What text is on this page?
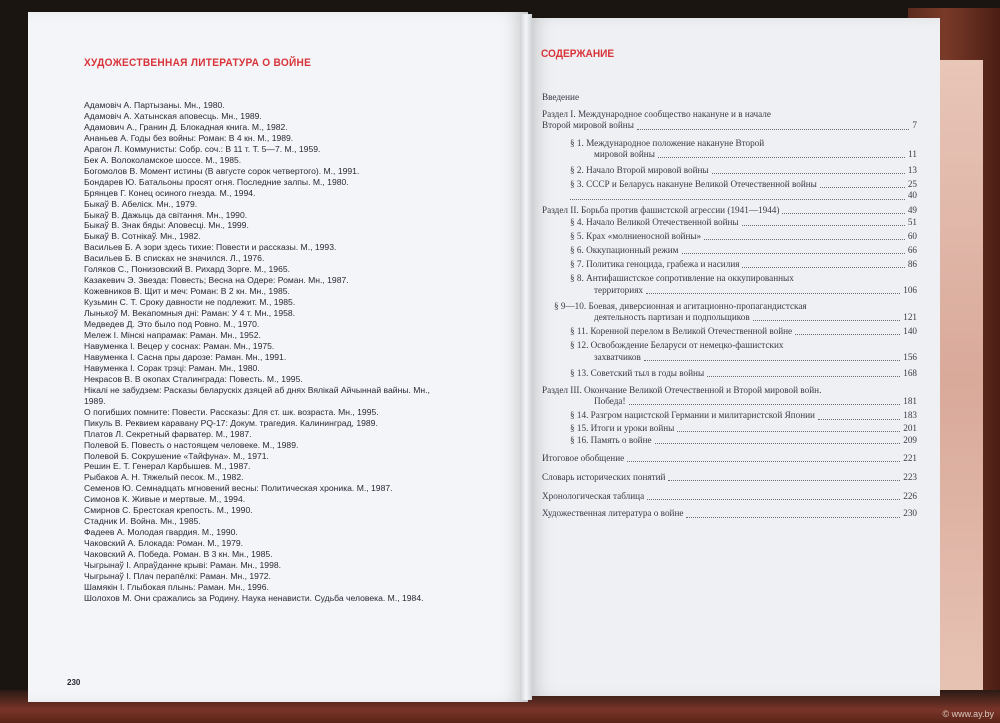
ХУДОЖЕСТВЕННАЯ ЛИТЕРАТУРА О ВОЙНЕ
Адамовіч А. Партызаны. Мн., 1980.
Адамовіч А. Хатынская аповесць. Мн., 1989.
Адамович А., Гранин Д. Блокадная книга. М., 1982.
Ананьев А. Годы без войны: Роман: В 4 кн. М., 1989.
Арагон Л. Коммунисты: Собр. соч.: В 11 т. Т. 5—7. М., 1959.
Бек А. Волоколамское шоссе. М., 1985.
Богомолов В. Момент истины (В августе сорок четвертого). М., 1991.
Бондарев Ю. Батальоны просят огня. Последние залпы. М., 1980.
Брянцев Г. Конец осиного гнезда. М., 1994.
Быкаў В. Абеліск. Мн., 1979.
Быкаў В. Дажыць да світання. Мн., 1990.
Быкаў В. Знак бяды: Аповесці. Мн., 1999.
Быкаў В. Сотнікаў. Мн., 1982.
Васильев Б. А зори здесь тихие: Повести и рассказы. М., 1993.
Васильев Б. В списках не значился. Л., 1976.
Голяков С., Понизовский В. Рихард Зорге. М., 1965.
Казакевич Э. Звезда: Повесть; Весна на Одере: Роман. Мн., 1987.
Кожевников В. Щит и меч: Роман: В 2 кн. Мн., 1985.
Кузьмин С. Т. Сроку давности не подлежит. М., 1985.
Лынькоў М. Векапомныя дні: Раман: У 4 т. Мн., 1958.
Медведев Д. Это было под Ровно. М., 1970.
Мележ І. Мінскі напрамак: Раман. Мн., 1952.
Навуменка І. Вецер у соснах: Раман. Мн., 1975.
Навуменка І. Сасна пры дарозе: Раман. Мн., 1991.
Навуменка І. Сорак трэці: Раман. Мн., 1980.
Некрасов В. В окопах Сталинграда: Повесть. М., 1995.
Нікалі не забудзем: Расказы беларускіх дзяцей аб днях Вялікай Айчыннай вайны. Мн.,
1989.
О погибших помните: Повести. Рассказы: Для ст. шк. возраста. Мн., 1995.
Пикуль В. Реквием каравану PQ-17: Докум. трагедия. Калининград, 1989.
Платов Л. Секретный фарватер. М., 1987.
Полевой Б. Повесть о настоящем человеке. М., 1989.
Полевой Б. Сокрушение «Тайфуна». М., 1971.
Решин Е. Т. Генерал Карбышев. М., 1987.
Рыбаков А. Н. Тяжелый песок. М., 1982.
Семенов Ю. Семнадцать мгновений весны: Политическая хроника. М., 1987.
Симонов К. Живые и мертвые. М., 1994.
Смирнов С. Брестская крепость. М., 1990.
Стадник И. Война. Мн., 1985.
Фадеев А. Молодая гвардия. М., 1990.
Чаковский А. Блокада: Роман. М., 1979.
Чаковский А. Победа. Роман. В 3 кн. Мн., 1985.
Чыгрынаў І. Апраўданне крыві: Раман. Мн., 1998.
Чыгрынаў І. Плач перапёлкі: Раман. Мн., 1972.
Шамякін І. Глыбокая плынь: Раман. Мн., 1996.
Шолохов М. Они сражались за Родину. Наука ненависти. Судьба человека. М., 1984.
230
СОДЕРЖАНИЕ
Введение
Раздел I. Международное сообщество накануне и в начале
Второй мировой войны	7
§ 1. Международное положение накануне Второй
мировой войны	11
§ 2. Начало Второй мировой войны	13
§ 3. СССР и Беларусь накануне Великой Отечественной войны	25
40
Раздел II. Борьба против фашистской агрессии (1941—1944)	49
§ 4. Начало Великой Отечественной войны	51
§ 5. Крах «молниеносной войны»	60
§ 6. Оккупационный режим	66
§ 7. Политика геноцида, грабежа и насилия	86
§ 8. Антифашистское сопротивление на оккупированных
территориях	106
§ 9—10. Боевая, диверсионная и агитационно-пропагандистская
деятельность партизан и подпольщиков	121
§ 11. Коренной перелом в Великой Отечественной войне	140
§ 12. Освобождение Беларуси от немецко-фашистских
захватчиков	156
§ 13. Советский тыл в годы войны	168
Раздел III. Окончание Великой Отечественной и Второй мировой войн.
Победа!	181
§ 14. Разгром нацистской Германии и милитаристской Японии	183
§ 15. Итоги и уроки войны	201
§ 16. Память о войне	209
Итоговое обобщение	221
Словарь исторических понятий	223
Хронологическая таблица	226
Художественная литература о войне	230
© www.ay.by
